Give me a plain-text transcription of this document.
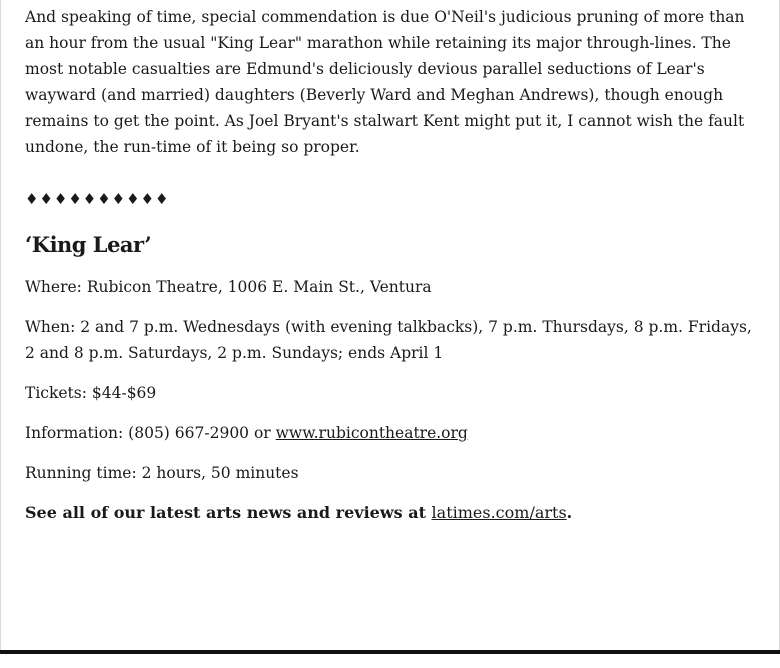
And speaking of time, special commendation is due O'Neil's judicious pruning of more than an hour from the usual "King Lear" marathon while retaining its major through-lines. The most notable casualties are Edmund's deliciously devious parallel seductions of Lear's wayward (and married) daughters (Beverly Ward and Meghan Andrews), though enough remains to get the point. As Joel Bryant's stalwart Kent might put it, I cannot wish the fault undone, the run-time of it being so proper.

♦♦♦♦♦♦♦♦♦♦
‘King Lear’

Where: Rubicon Theatre, 1006 E. Main St., Ventura

When: 2 and 7 p.m. Wednesdays (with evening talkbacks), 7 p.m. Thursdays, 8 p.m. Fridays, 2 and 8 p.m. Saturdays, 2 p.m. Sundays; ends April 1

Tickets: $44-$69

Information: (805) 667-2900 or www.rubicontheatre.org

Running time: 2 hours, 50 minutes

See all of our latest arts news and reviews at latimes.com/arts.
